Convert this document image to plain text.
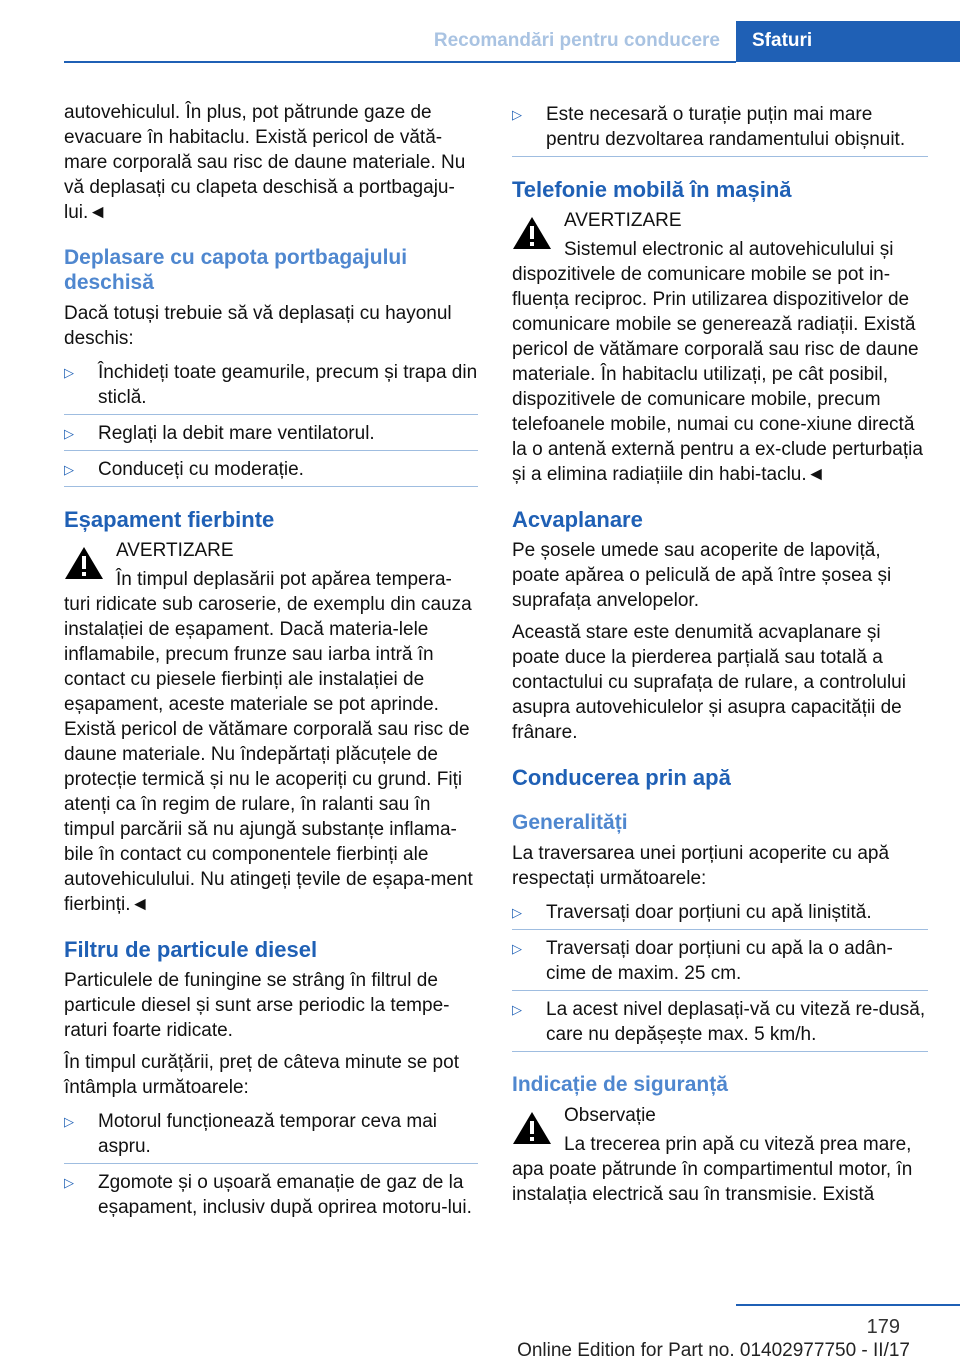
Recomandări pentru conducere	Sfaturi

autovehiculul. În plus, pot pătrunde gaze de evacuare în habitaclu. Există pericol de vătă-mare corporală sau risc de daune materiale. Nu vă deplasați cu clapeta deschisă a portbagaju-lui.◄

Deplasare cu capota portbagajului deschisă

Dacă totuși trebuie să vă deplasați cu hayonul deschis:

▷ Închideți toate geamurile, precum și trapa din sticlă.
▷ Reglați la debit mare ventilatorul.
▷ Conduceți cu moderație.
Eșapament fierbinte
AVERTIZARE
În timpul deplasării pot apărea tempera-turi ridicate sub caroserie, de exemplu din cauza instalației de eșapament. Dacă materia-lele inflamabile, precum frunze sau iarba intră în contact cu piesele fierbinți ale instalației de eșapament, aceste materiale se pot aprinde. Există pericol de vătămare corporală sau risc de daune materiale. Nu îndepărtați plăcuțele de protecție termică și nu le acoperiți cu grund. Fiți atenți ca în regim de rulare, în ralanti sau în timpul parcării să nu ajungă substanțe inflama-bile în contact cu componentele fierbinți ale autovehiculului. Nu atingeți țevile de eșapa-ment fierbinți.◄
Filtru de particule diesel

Particulele de funingine se strâng în filtrul de particule diesel și sunt arse periodic la tempe-raturi foarte ridicate.

În timpul curățării, preț de câteva minute se pot întâmpla următoarele:

▷ Motorul funcționează temporar ceva mai aspru.
▷ Zgomote și o ușoară emanație de gaz de la eșapament, inclusiv după oprirea motoru-lui.
▷ Este necesară o turație puțin mai mare pentru dezvoltarea randamentului obișnuit.
Telefonie mobilă în mașină
AVERTIZARE
Sistemul electronic al autovehiculului și dispozitivele de comunicare mobile se pot in-fluența reciproc. Prin utilizarea dispozitivelor de comunicare mobile se generează radiații. Există pericol de vătămare corporală sau risc de daune materiale. În habitaclu utilizați, pe cât posibil, dispozitivele de comunicare mobile, precum telefoanele mobile, numai cu cone-xiune directă la o antenă externă pentru a ex-clude perturbația și a elimina radiațiile din habi-taclu.◄
Acvaplanare

Pe șosele umede sau acoperite de lapoviță, poate apărea o peliculă de apă între șosea și suprafața anvelopelor.

Această stare este denumită acvaplanare și poate duce la pierderea parțială sau totală a contactului cu suprafața de rulare, a controlului asupra autovehiculelor și asupra capacității de frânare.

Conducerea prin apă
Generalități

La traversarea unei porțiuni acoperite cu apă respectați următoarele:

▷ Traversați doar porțiuni cu apă liniștită.
▷ Traversați doar porțiuni cu apă la o adân-cime de maxim. 25 cm.
▷ La acest nivel deplasați-vă cu viteză re-dusă, care nu depășește max. 5 km/h.
Indicație de siguranță
Observație
La trecerea prin apă cu viteză prea mare, apa poate pătrunde în compartimentul motor, în instalația electrică sau în transmisie. Există
179
Online Edition for Part no. 01402977750 - II/17
